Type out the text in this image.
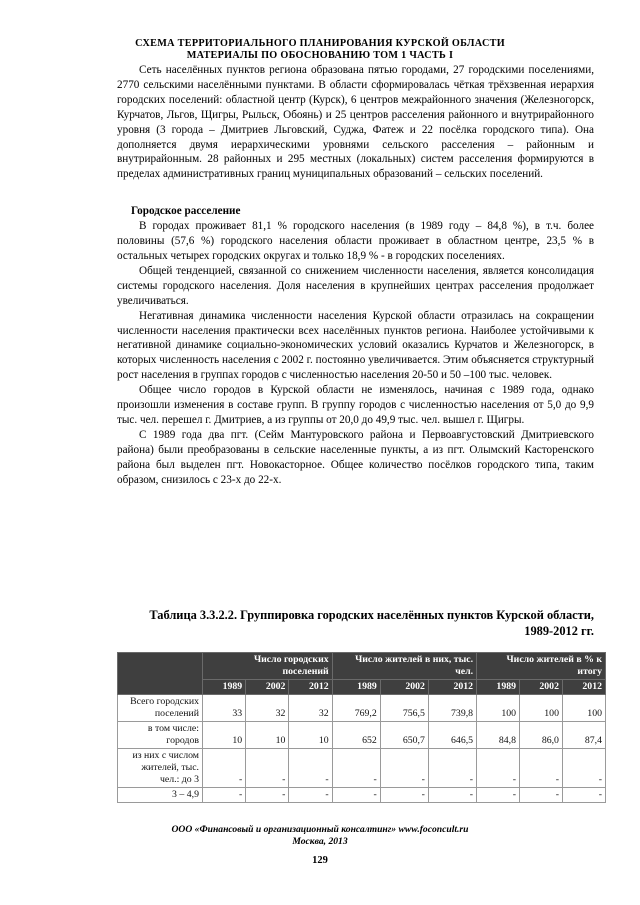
СХЕМА ТЕРРИТОРИАЛЬНОГО ПЛАНИРОВАНИЯ КУРСКОЙ ОБЛАСТИ
МАТЕРИАЛЫ ПО ОБОСНОВАНИЮ ТОМ 1 ЧАСТЬ I

Сеть населённых пунктов региона образована пятью городами, 27 городскими поселениями, 2770 сельскими населёнными пунктами. В области сформировалась чёткая трёхзвенная иерархия городских поселений: областной центр (Курск), 6 центров межрайонного значения (Железногорск, Курчатов, Льгов, Щигры, Рыльск, Обоянь) и 25 центров расселения районного и внутрирайонного уровня (3 города – Дмитриев Льговский, Суджа, Фатеж и 22 посёлка городского типа). Она дополняется двумя иерархическими уровнями сельского расселения – районным и внутрирайонным. 28 районных и 295 местных (локальных) систем расселения формируются в пределах административных границ муниципальных образований – сельских поселений.

Городское расселение

В городах проживает 81,1 % городского населения (в 1989 году – 84,8 %), в т.ч. более половины (57,6 %) городского населения области проживает в областном центре, 23,5 % в остальных четырех городских округах и только 18,9 % - в городских поселениях.

Общей тенденцией, связанной со снижением численности населения, является консолидация системы городского населения. Доля населения в крупнейших центрах расселения продолжает увеличиваться.

Негативная динамика численности населения Курской области отразилась на сокращении численности населения практически всех населённых пунктов региона. Наиболее устойчивыми к негативной динамике социально-экономических условий оказались Курчатов и Железногорск, в которых численность населения с 2002 г. постоянно увеличивается. Этим объясняется структурный рост населения в группах городов с численностью населения 20-50 и 50 –100 тыс. человек.

Общее число городов в Курской области не изменялось, начиная с 1989 года, однако произошли изменения в составе групп. В группу городов с численностью населения от 5,0 до 9,9 тыс. чел. перешел г. Дмитриев, а из группы от 20,0 до 49,9 тыс. чел. вышел г. Щигры.

С 1989 года два пгт. (Сейм Мантуровского района и Первоавгустовский Дмитриевского района) были преобразованы в сельские населенные пункты, а из пгт. Олымский Касторенского района был выделен пгт. Новокасторное. Общее количество посёлков городского типа, таким образом, снизилось с 23-х до 22-х.

Таблица 3.3.2.2. Группировка городских населённых пунктов Курской области,
1989-2012 гг.
	Число городских поселений			Число жителей в них, тыс. чел.			Число жителей в % к итогу		
	1989	2002	2012	1989	2002	2012	1989	2002	2012
Всего городских поселений	33	32	32	769,2	756,5	739,8	100	100	100
в том числе: городов	10	10	10	652	650,7	646,5	84,8	86,0	87,4
из них с числом жителей, тыс. чел.: до 3	-	-	-	-	-	-	-	-	-
3 – 4,9	-	-	-	-	-	-	-	-	-
ООО «Финансовый и организационный консалтинг» www.foconcult.ru
Москва, 2013
129
